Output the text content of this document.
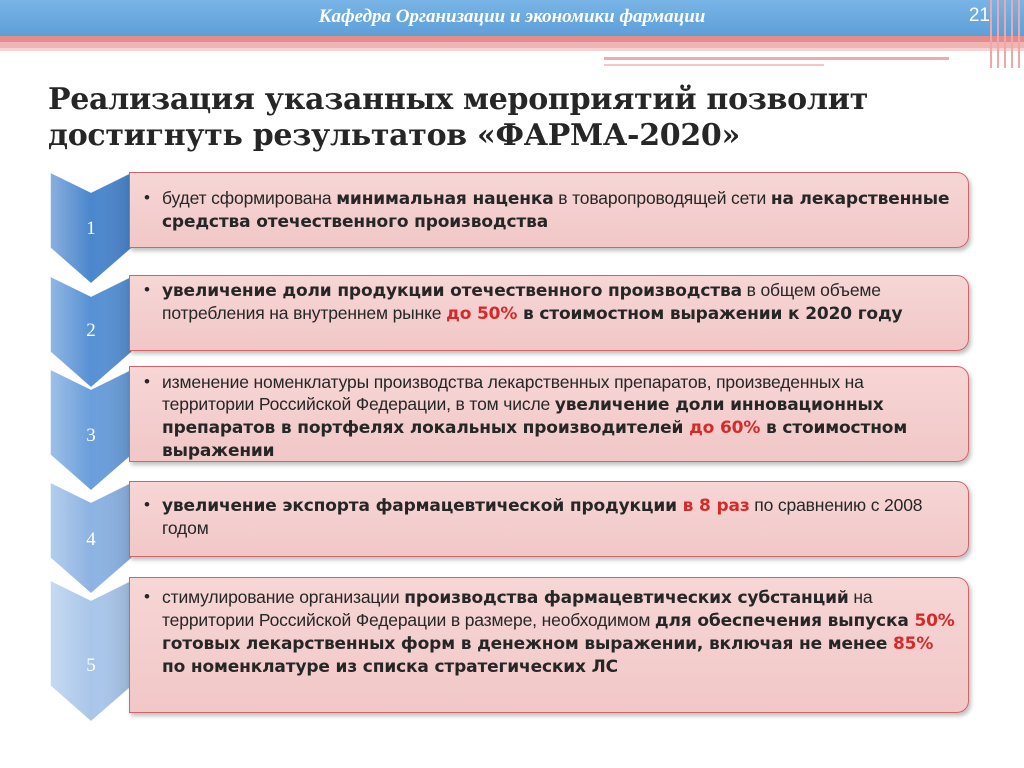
Кафедра Организации и экономики фармации	21
Реализация указанных мероприятий позволит достигнуть результатов «ФАРМА-2020»
1
• будет сформирована минимальная наценка в товаропроводящей сети на лекарственные средства отечественного производства
2
• увеличение доли продукции отечественного производства в общем объеме потребления на внутреннем рынке до 50% в стоимостном выражении к 2020 году
3
• изменение номенклатуры производства лекарственных препаратов, произведенных на территории Российской Федерации, в том числе увеличение доли инновационных препаратов в портфелях локальных производителей до 60% в стоимостном выражении
4
• увеличение экспорта фармацевтической продукции в 8 раз по сравнению с 2008 годом
5
• стимулирование организации производства фармацевтических субстанций на территории Российской Федерации в размере, необходимом для обеспечения выпуска 50% готовых лекарственных форм в денежном выражении, включая не менее 85% по номенклатуре из списка стратегических ЛС
